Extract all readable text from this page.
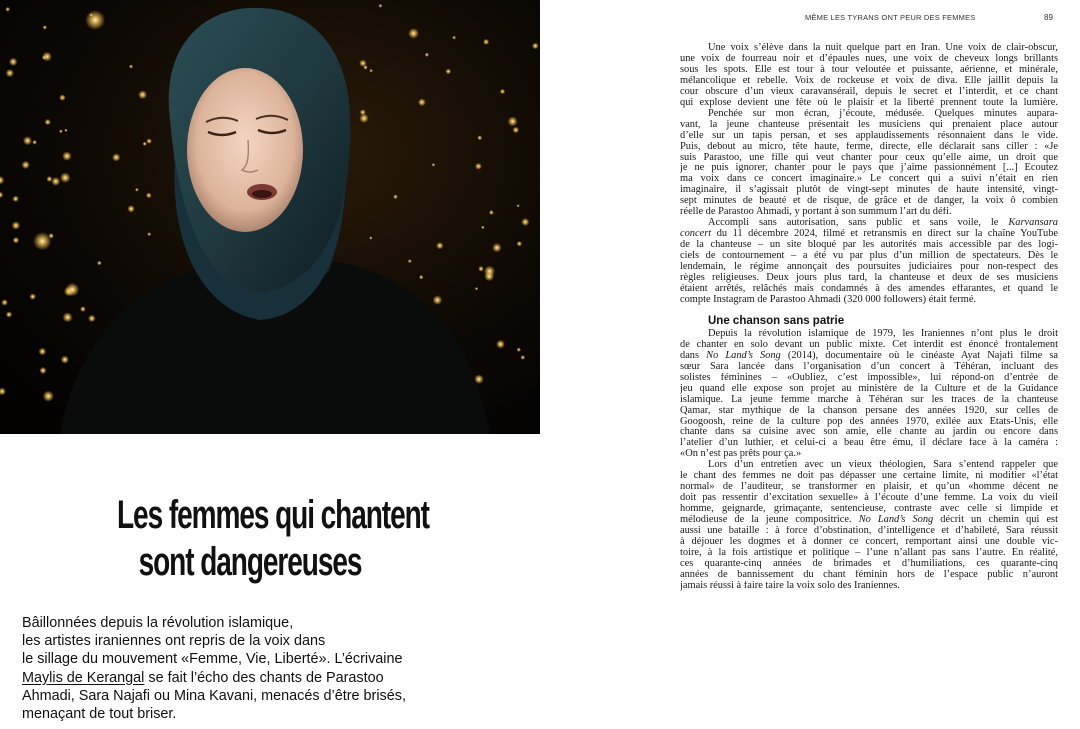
Les femmes qui chantent
sont dangereuses
Bâillonnées depuis la révolution islamique,
les artistes iraniennes ont repris de la voix dans
le sillage du mouvement «Femme, Vie, Liberté». L’écrivaine
Maylis de Kerangal se fait l’écho des chants de Parastoo
Ahmadi, Sara Najafi ou Mina Kavani, menacés d’être brisés,
menaçant de tout briser.
MÊME LES TYRANS ONT PEUR DES FEMMES	89
Une voix s’élève dans la nuit quelque part en Iran. Une voix de clair-obscur,
une voix de fourreau noir et d’épaules nues, une voix de cheveux longs brillants
sous les spots. Elle est tour à tour veloutée et puissante, aérienne, et minérale,
mélancolique et rebelle. Voix de rockeuse et voix de diva. Elle jaillit depuis la
cour obscure d’un vieux caravansérail, depuis le secret et l’interdit, et ce chant
qui explose devient une fête où le plaisir et la liberté prennent toute la lumière.
Penchée sur mon écran, j’écoute, médusée. Quelques minutes aupara-
vant, la jeune chanteuse présentait les musiciens qui prenaient place autour
d’elle sur un tapis persan, et ses applaudissements résonnaient dans le vide.
Puis, debout au micro, tête haute, ferme, directe, elle déclarait sans ciller : «Je
suis Parastoo, une fille qui veut chanter pour ceux qu’elle aime, un droit que
je ne puis ignorer, chanter pour le pays que j’aime passionnément [...] Écoutez
ma voix dans ce concert imaginaire.» Le concert qui a suivi n’était en rien
imaginaire, il s’agissait plutôt de vingt-sept minutes de haute intensité, vingt-
sept minutes de beauté et de risque, de grâce et de danger, la voix ô combien
réelle de Parastoo Ahmadi, y portant à son summum l’art du défi.
Accompli sans autorisation, sans public et sans voile, le Karvansara
concert du 11 décembre 2024, filmé et retransmis en direct sur la chaîne YouTube
de la chanteuse – un site bloqué par les autorités mais accessible par des logi-
ciels de contournement – a été vu par plus d’un million de spectateurs. Dès le
lendemain, le régime annonçait des poursuites judiciaires pour non-respect des
règles religieuses. Deux jours plus tard, la chanteuse et deux de ses musiciens
étaient arrêtés, relâchés mais condamnés à des amendes effarantes, et quand le
compte Instagram de Parastoo Ahmadi (320 000 followers) était fermé.
Une chanson sans patrie
Depuis la révolution islamique de 1979, les Iraniennes n’ont plus le droit
de chanter en solo devant un public mixte. Cet interdit est énoncé frontalement
dans No Land’s Song (2014), documentaire où le cinéaste Ayat Najafi filme sa
sœur Sara lancée dans l’organisation d’un concert à Téhéran, incluant des
solistes féminines – «Oubliez, c’est impossible», lui répond-on d’entrée de
jeu quand elle expose son projet au ministère de la Culture et de la Guidance
islamique. La jeune femme marche à Téhéran sur les traces de la chanteuse
Qamar, star mythique de la chanson persane des années 1920, sur celles de
Googoosh, reine de la culture pop des années 1970, exilée aux États-Unis, elle
chante dans sa cuisine avec son amie, elle chante au jardin ou encore dans
l’atelier d’un luthier, et celui-ci a beau être ému, il déclare face à la caméra :
«On n’est pas prêts pour ça.»
Lors d’un entretien avec un vieux théologien, Sara s’entend rappeler que
le chant des femmes ne doit pas dépasser une certaine limite, ni modifier «l’état
normal» de l’auditeur, se transformer en plaisir, et qu’un «homme décent ne
doit pas ressentir d’excitation sexuelle» à l’écoute d’une femme. La voix du vieil
homme, geignarde, grimaçante, sentencieuse, contraste avec celle si limpide et
mélodieuse de la jeune compositrice. No Land’s Song décrit un chemin qui est
aussi une bataille : à force d’obstination, d’intelligence et d’habileté, Sara réussit
à déjouer les dogmes et à donner ce concert, remportant ainsi une double vic-
toire, à la fois artistique et politique – l’une n’allant pas sans l’autre. En réalité,
ces quarante-cinq années de brimades et d’humiliations, ces quarante-cinq
années de bannissement du chant féminin hors de l’espace public n’auront
jamais réussi à faire taire la voix solo des Iraniennes.
